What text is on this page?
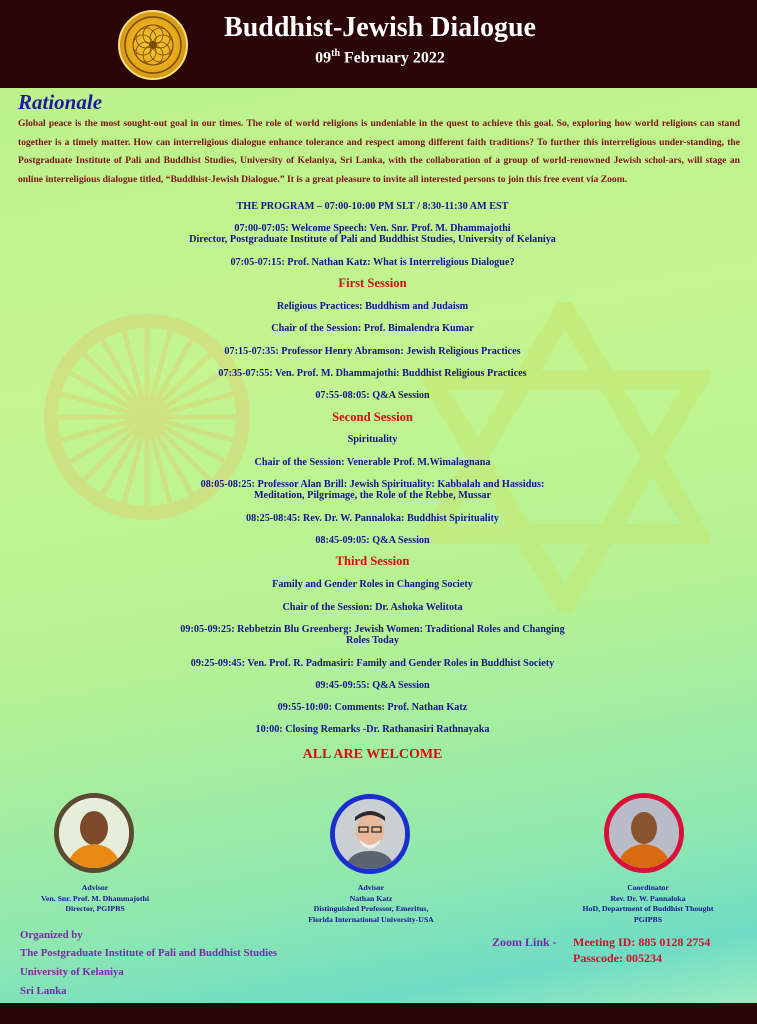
Buddhist-Jewish Dialogue
09th February 2022
Rationale
Global peace is the most sought-out goal in our times. The role of world religions is undeniable in the quest to achieve this goal. So, exploring how world religions can stand together is a timely matter. How can interreligious dialogue enhance tolerance and respect among different faith traditions? To further this interreligious under-standing, the Postgraduate Institute of Pali and Buddhist Studies, University of Kelaniya, Sri Lanka, with the collaboration of a group of world-renowned Jewish schol-ars, will stage an online interreligious dialogue titled, “Buddhist-Jewish Dialogue.” It is a great pleasure to invite all interested persons to join this free event via Zoom.
THE PROGRAM – 07:00-10:00 PM SLT / 8:30-11:30 AM EST
07:00-07:05: Welcome Speech: Ven. Snr. Prof. M. Dhammajothi
Director, Postgraduate Institute of Pali and Buddhist Studies, University of Kelaniya
07:05-07:15: Prof. Nathan Katz: What is Interreligious Dialogue?
First Session
Religious Practices: Buddhism and Judaism
Chair of the Session: Prof. Bimalendra Kumar
07:15-07:35: Professor Henry Abramson: Jewish Religious Practices
07:35-07:55: Ven. Prof. M. Dhammajothi: Buddhist Religious Practices
07:55-08:05: Q&A Session
Second Session
Spirituality
Chair of the Session: Venerable Prof. M.Wimalagnana
08:05-08:25: Professor Alan Brill: Jewish Spirituality: Kabbalah and Hassidus:
Meditation, Pilgrimage, the Role of the Rebbe, Mussar
08:25-08:45: Rev. Dr. W. Pannaloka: Buddhist Spirituality
08:45-09:05: Q&A Session
Third Session
Family and Gender Roles in Changing Society
Chair of the Session: Dr. Ashoka Welitota
09:05-09:25: Rebbetzin Blu Greenberg: Jewish Women: Traditional Roles and Changing
Roles Today
09:25-09:45: Ven. Prof. R. Padmasiri: Family and Gender Roles in Buddhist Society
09:45-09:55: Q&A Session
09:55-10:00: Comments: Prof. Nathan Katz
10:00: Closing Remarks -Dr. Rathanasiri Rathnayaka
ALL ARE WELCOME
Advisor
Ven. Snr. Prof. M. Dhammajothi
Director, PGIPBS
Advisor
Nathan Katz
Distinguished Professor, Emeritus,
Florida International University-USA
Coordinator
Rev. Dr. W. Pannaloka
HoD, Department of Buddhist Thought
PGIPBS
Organized by
The Postgraduate Institute of Pali and Buddhist Studies
University of Kelaniya
Sri Lanka
Zoom Link - Meeting ID: 885 0128 2754
Passcode: 005234
